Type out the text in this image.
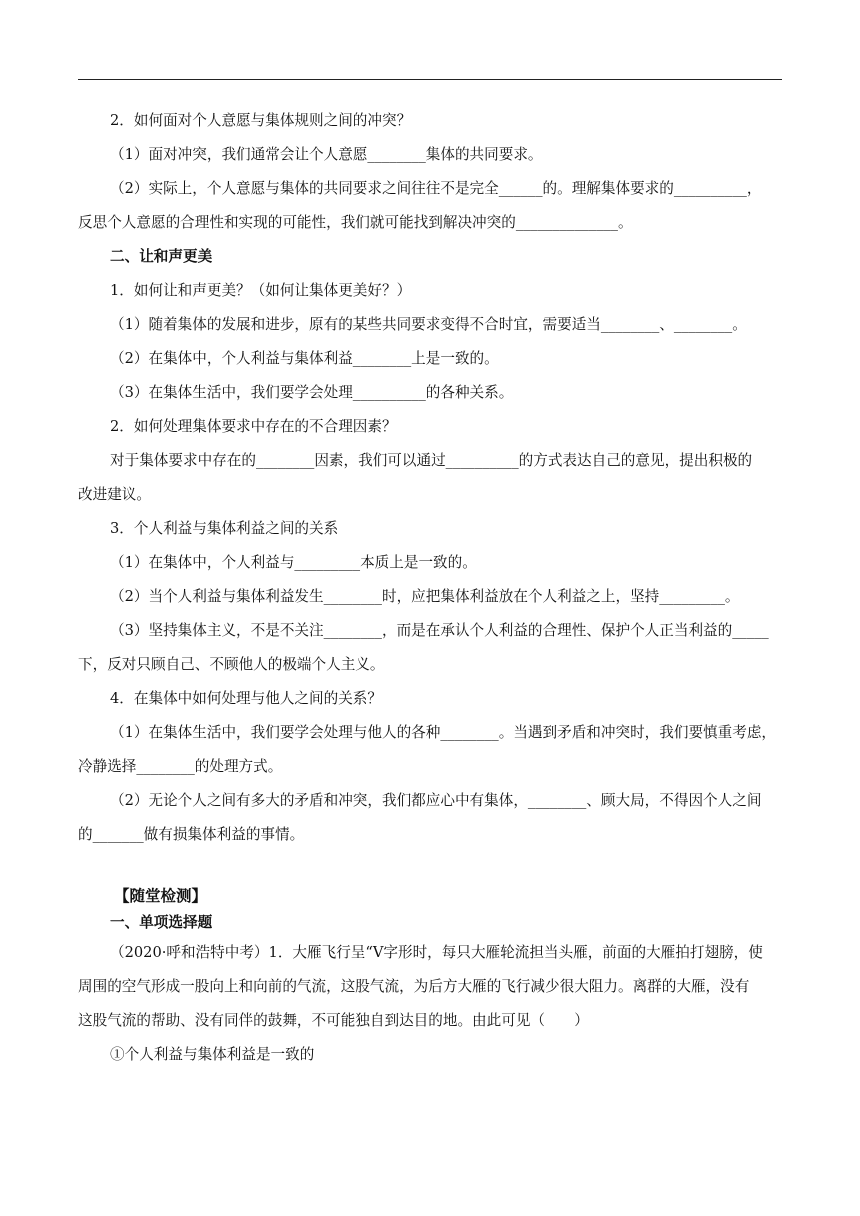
2．如何面对个人意愿与集体规则之间的冲突？

（1）面对冲突，我们通常会让个人意愿________集体的共同要求。

（2）实际上，个人意愿与集体的共同要求之间往往不是完全______的。理解集体要求的__________，

反思个人意愿的合理性和实现的可能性，我们就可能找到解决冲突的______________。

二、让和声更美

1．如何让和声更美？（如何让集体更美好？）

（1）随着集体的发展和进步，原有的某些共同要求变得不合时宜，需要适当________、________。

（2）在集体中，个人利益与集体利益________上是一致的。

（3）在集体生活中，我们要学会处理__________的各种关系。

2．如何处理集体要求中存在的不合理因素？

对于集体要求中存在的________因素，我们可以通过__________的方式表达自己的意见，提出积极的

改进建议。

3．个人利益与集体利益之间的关系

（1）在集体中，个人利益与_________本质上是一致的。

（2）当个人利益与集体利益发生________时，应把集体利益放在个人利益之上，坚持_________。

（3）坚持集体主义，不是不关注________，而是在承认个人利益的合理性、保护个人正当利益的_____

下，反对只顾自己、不顾他人的极端个人主义。

4．在集体中如何处理与他人之间的关系？

（1）在集体生活中，我们要学会处理与他人的各种________。当遇到矛盾和冲突时，我们要慎重考虑，

冷静选择________的处理方式。

（2）无论个人之间有多大的矛盾和冲突，我们都应心中有集体，________、顾大局，不得因个人之间

的_______做有损集体利益的事情。

【随堂检测】

一、单项选择题

（2020·呼和浩特中考）1．大雁飞行呈“V字形时，每只大雁轮流担当头雁，前面的大雁拍打翅膀，使

周围的空气形成一股向上和向前的气流，这股气流，为后方大雁的飞行减少很大阻力。离群的大雁，没有

这股气流的帮助、没有同伴的鼓舞，不可能独自到达目的地。由此可见（　　）

①个人利益与集体利益是一致的
